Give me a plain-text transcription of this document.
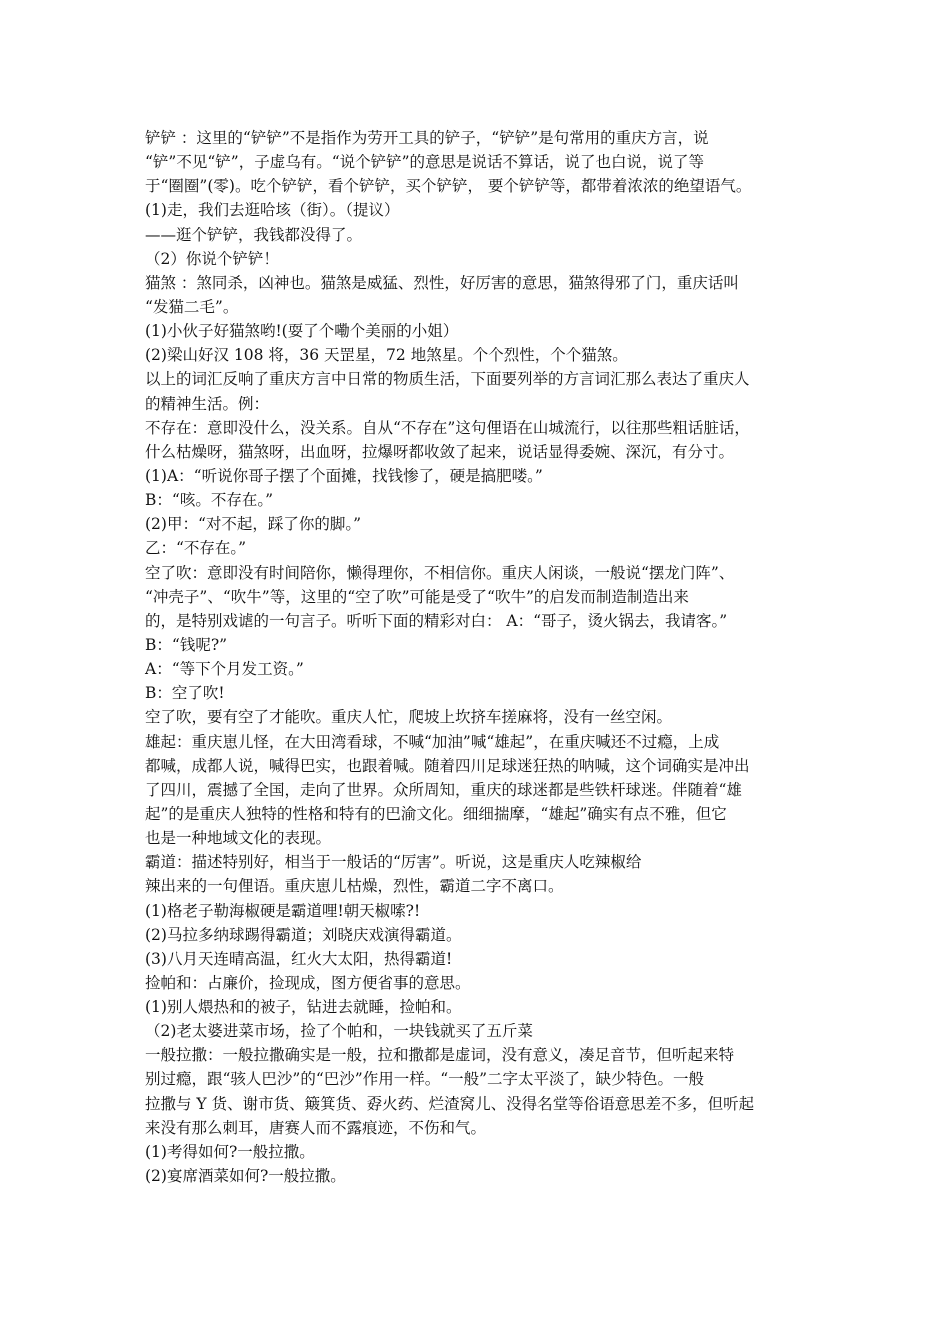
铲铲 ：这里的“铲铲”不是指作为劳开工具的铲子，“铲铲”是句常用的重庆方言，说
“铲”不见“铲”，子虚乌有。“说个铲铲”的意思是说话不算话，说了也白说，说了等
于“圈圈”(零)。吃个铲铲，看个铲铲，买个铲铲， 要个铲铲等，都带着浓浓的绝望语气。
(1)走，我们去逛哈垓（街）。（提议）
——逛个铲铲，我钱都没得了。
（2）你说个铲铲！
猫煞 ：煞同杀，凶神也。猫煞是威猛、烈性，好厉害的意思，猫煞得邪了门，重庆话叫
“发猫二毛”。
(1)小伙子好猫煞哟!(耍了个嘞个美丽的小姐）
(2)梁山好汉 108 将，36 天罡星，72 地煞星。个个烈性，个个猫煞。
以上的词汇反响了重庆方言中日常的物质生活，下面要列举的方言词汇那么表达了重庆人
的精神生活。例：
不存在：意即没什么，没关系。自从“不存在”这句俚语在山城流行，以往那些粗话脏话，
什么枯燥呀，猫煞呀，出血呀，拉爆呀都收敛了起来，说话显得委婉、深沉，有分寸。
(1)A：“听说你哥子摆了个面摊，找钱惨了，硬是搞肥喽。”
B：“咳。不存在。”
(2)甲：“对不起，踩了你的脚。”
乙：“不存在。”
空了吹：意即没有时间陪你，懒得理你，不相信你。重庆人闲谈，一般说“摆龙门阵”、
“冲壳子”、“吹牛”等，这里的“空了吹”可能是受了“吹牛”的启发而制造制造出来
的，是特别戏谑的一句言子。听听下面的精彩对白： A：“哥子，烫火锅去，我请客。”
B：“钱呢?”
A：“等下个月发工资。”
B：空了吹!
空了吹，要有空了才能吹。重庆人忙，爬坡上坎挤车搓麻将，没有一丝空闲。
雄起：重庆崽儿怪，在大田湾看球，不喊“加油”喊“雄起”，在重庆喊还不过瘾，上成
都喊，成都人说，喊得巴实，也跟着喊。随着四川足球迷狂热的呐喊，这个词确实是冲出
了四川，震撼了全国，走向了世界。众所周知，重庆的球迷都是些铁杆球迷。伴随着“雄
起”的是重庆人独特的性格和特有的巴渝文化。细细揣摩，“雄起”确实有点不雅，但它
也是一种地域文化的表现。
霸道：描述特别好，相当于一般话的“厉害”。听说，这是重庆人吃辣椒给
辣出来的一句俚语。重庆崽儿枯燥，烈性，霸道二字不离口。
(1)格老子勒海椒硬是霸道哩!朝天椒嗦?!
(2)马拉多纳球踢得霸道；刘晓庆戏演得霸道。
(3)八月天连晴高温，红火大太阳，热得霸道!
捡帕和：占廉价，捡现成，图方便省事的意思。
(1)别人煨热和的被子，钻进去就睡，捡帕和。
（2)老太婆进菜市场，捡了个帕和，一块钱就买了五斤菜
一般拉撒：一般拉撒确实是一般，拉和撒都是虚词，没有意义，凑足音节，但听起来特
别过瘾，跟“骇人巴沙”的“巴沙”作用一样。“一般”二字太平淡了，缺少特色。一般
拉撒与 Y 货、谢市货、簸箕货、孬火药、烂渣窝儿、没得名堂等俗语意思差不多，但听起
来没有那么刺耳，唐赛人而不露痕迹，不伤和气。
(1)考得如何?一般拉撒。
(2)宴席酒菜如何?一般拉撒。
